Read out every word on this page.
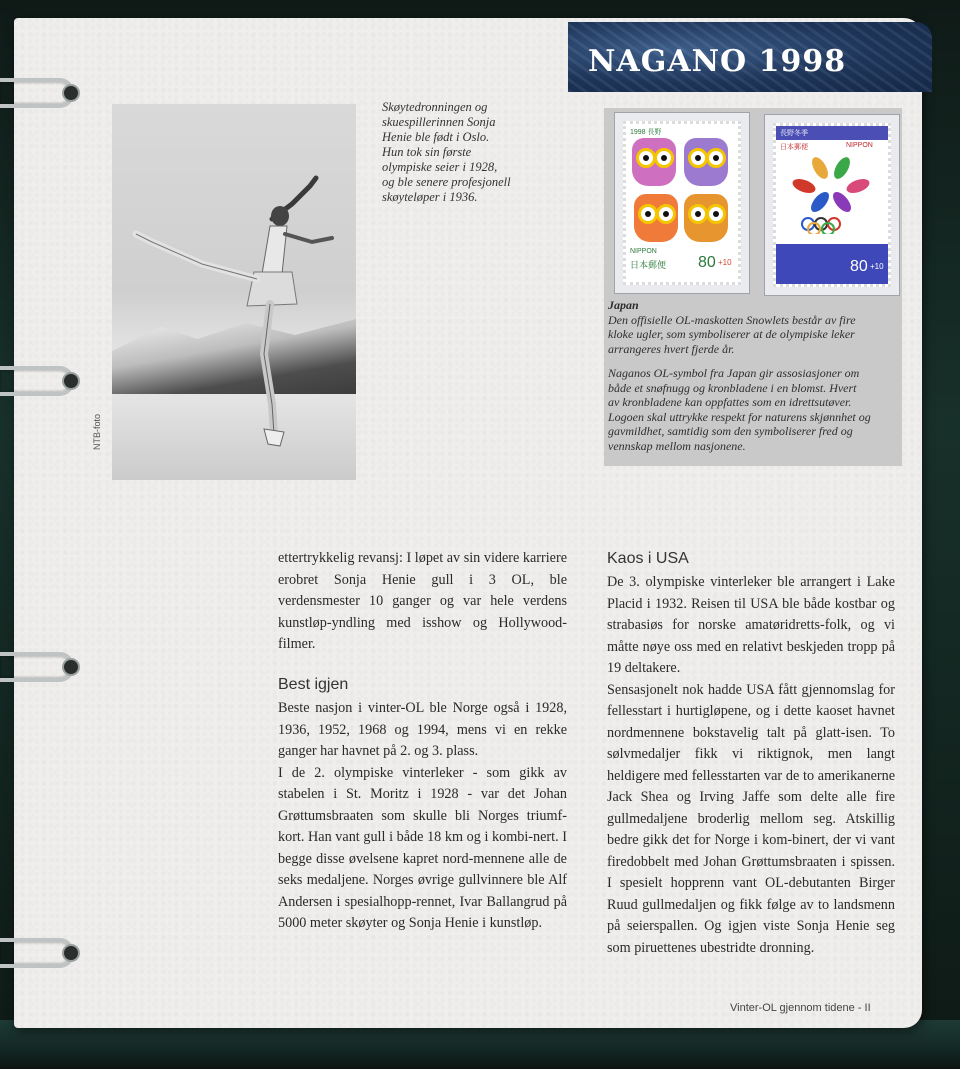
NAGANO 1998
NTB-foto
Skøytedronningen og
skuespillerinnen Sonja
Henie ble født i Oslo.
Hun tok sin første
olympiske seier i 1928,
og ble senere profesjonell
skøyteløper i 1936.
1998 長野
NIPPON
日本郵便 80 +10
長野冬季
日本郵便	NIPPON
80 +10
Japan
Den offisielle OL-maskotten Snowlets består av fire
kloke ugler, som symboliserer at de olympiske leker
arrangeres hvert fjerde år.
Naganos OL-symbol fra Japan gir assosiasjoner om
både et snøfnugg og kronbladene i en blomst. Hvert
av kronbladene kan oppfattes som en idrettsutøver.
Logoen skal uttrykke respekt for naturens skjønnhet og
gavmildhet, samtidig som den symboliserer fred og
vennskap mellom nasjonene.

ettertrykkelig revansj: I løpet av sin videre karriere erobret Sonja Henie gull i 3 OL, ble verdensmester 10 ganger og var hele verdens kunstløp-yndling med isshow og Hollywood-filmer.

Best igjen

Beste nasjon i vinter-OL ble Norge også i 1928, 1936, 1952, 1968 og 1994, mens vi en rekke ganger har havnet på 2. og 3. plass.

I de 2. olympiske vinterleker - som gikk av stabelen i St. Moritz i 1928 - var det Johan Grøttumsbraaten som skulle bli Norges triumf-kort. Han vant gull i både 18 km og i kombi-nert. I begge disse øvelsene kapret nord-mennene alle de seks medaljene. Norges øvrige gullvinnere ble Alf Andersen i spesialhopp-rennet, Ivar Ballangrud på 5000 meter skøyter og Sonja Henie i kunstløp.

Kaos i USA

De 3. olympiske vinterleker ble arrangert i Lake Placid i 1932. Reisen til USA ble både kostbar og strabasiøs for norske amatøridretts-folk, og vi måtte nøye oss med en relativt beskjeden tropp på 19 deltakere.

Sensasjonelt nok hadde USA fått gjennomslag for fellesstart i hurtigløpene, og i dette kaoset havnet nordmennene bokstavelig talt på glatt-isen. To sølvmedaljer fikk vi riktignok, men langt heldigere med fellesstarten var de to amerikanerne Jack Shea og Irving Jaffe som delte alle fire gullmedaljene broderlig mellom seg. Atskillig bedre gikk det for Norge i kom-binert, der vi vant firedobbelt med Johan Grøttumsbraaten i spissen. I spesielt hopprenn vant OL-debutanten Birger Ruud gullmedaljen og fikk følge av to landsmenn på seierspallen. Og igjen viste Sonja Henie seg som piruettenes ubestridte dronning.

Vinter-OL gjennom tidene - II
